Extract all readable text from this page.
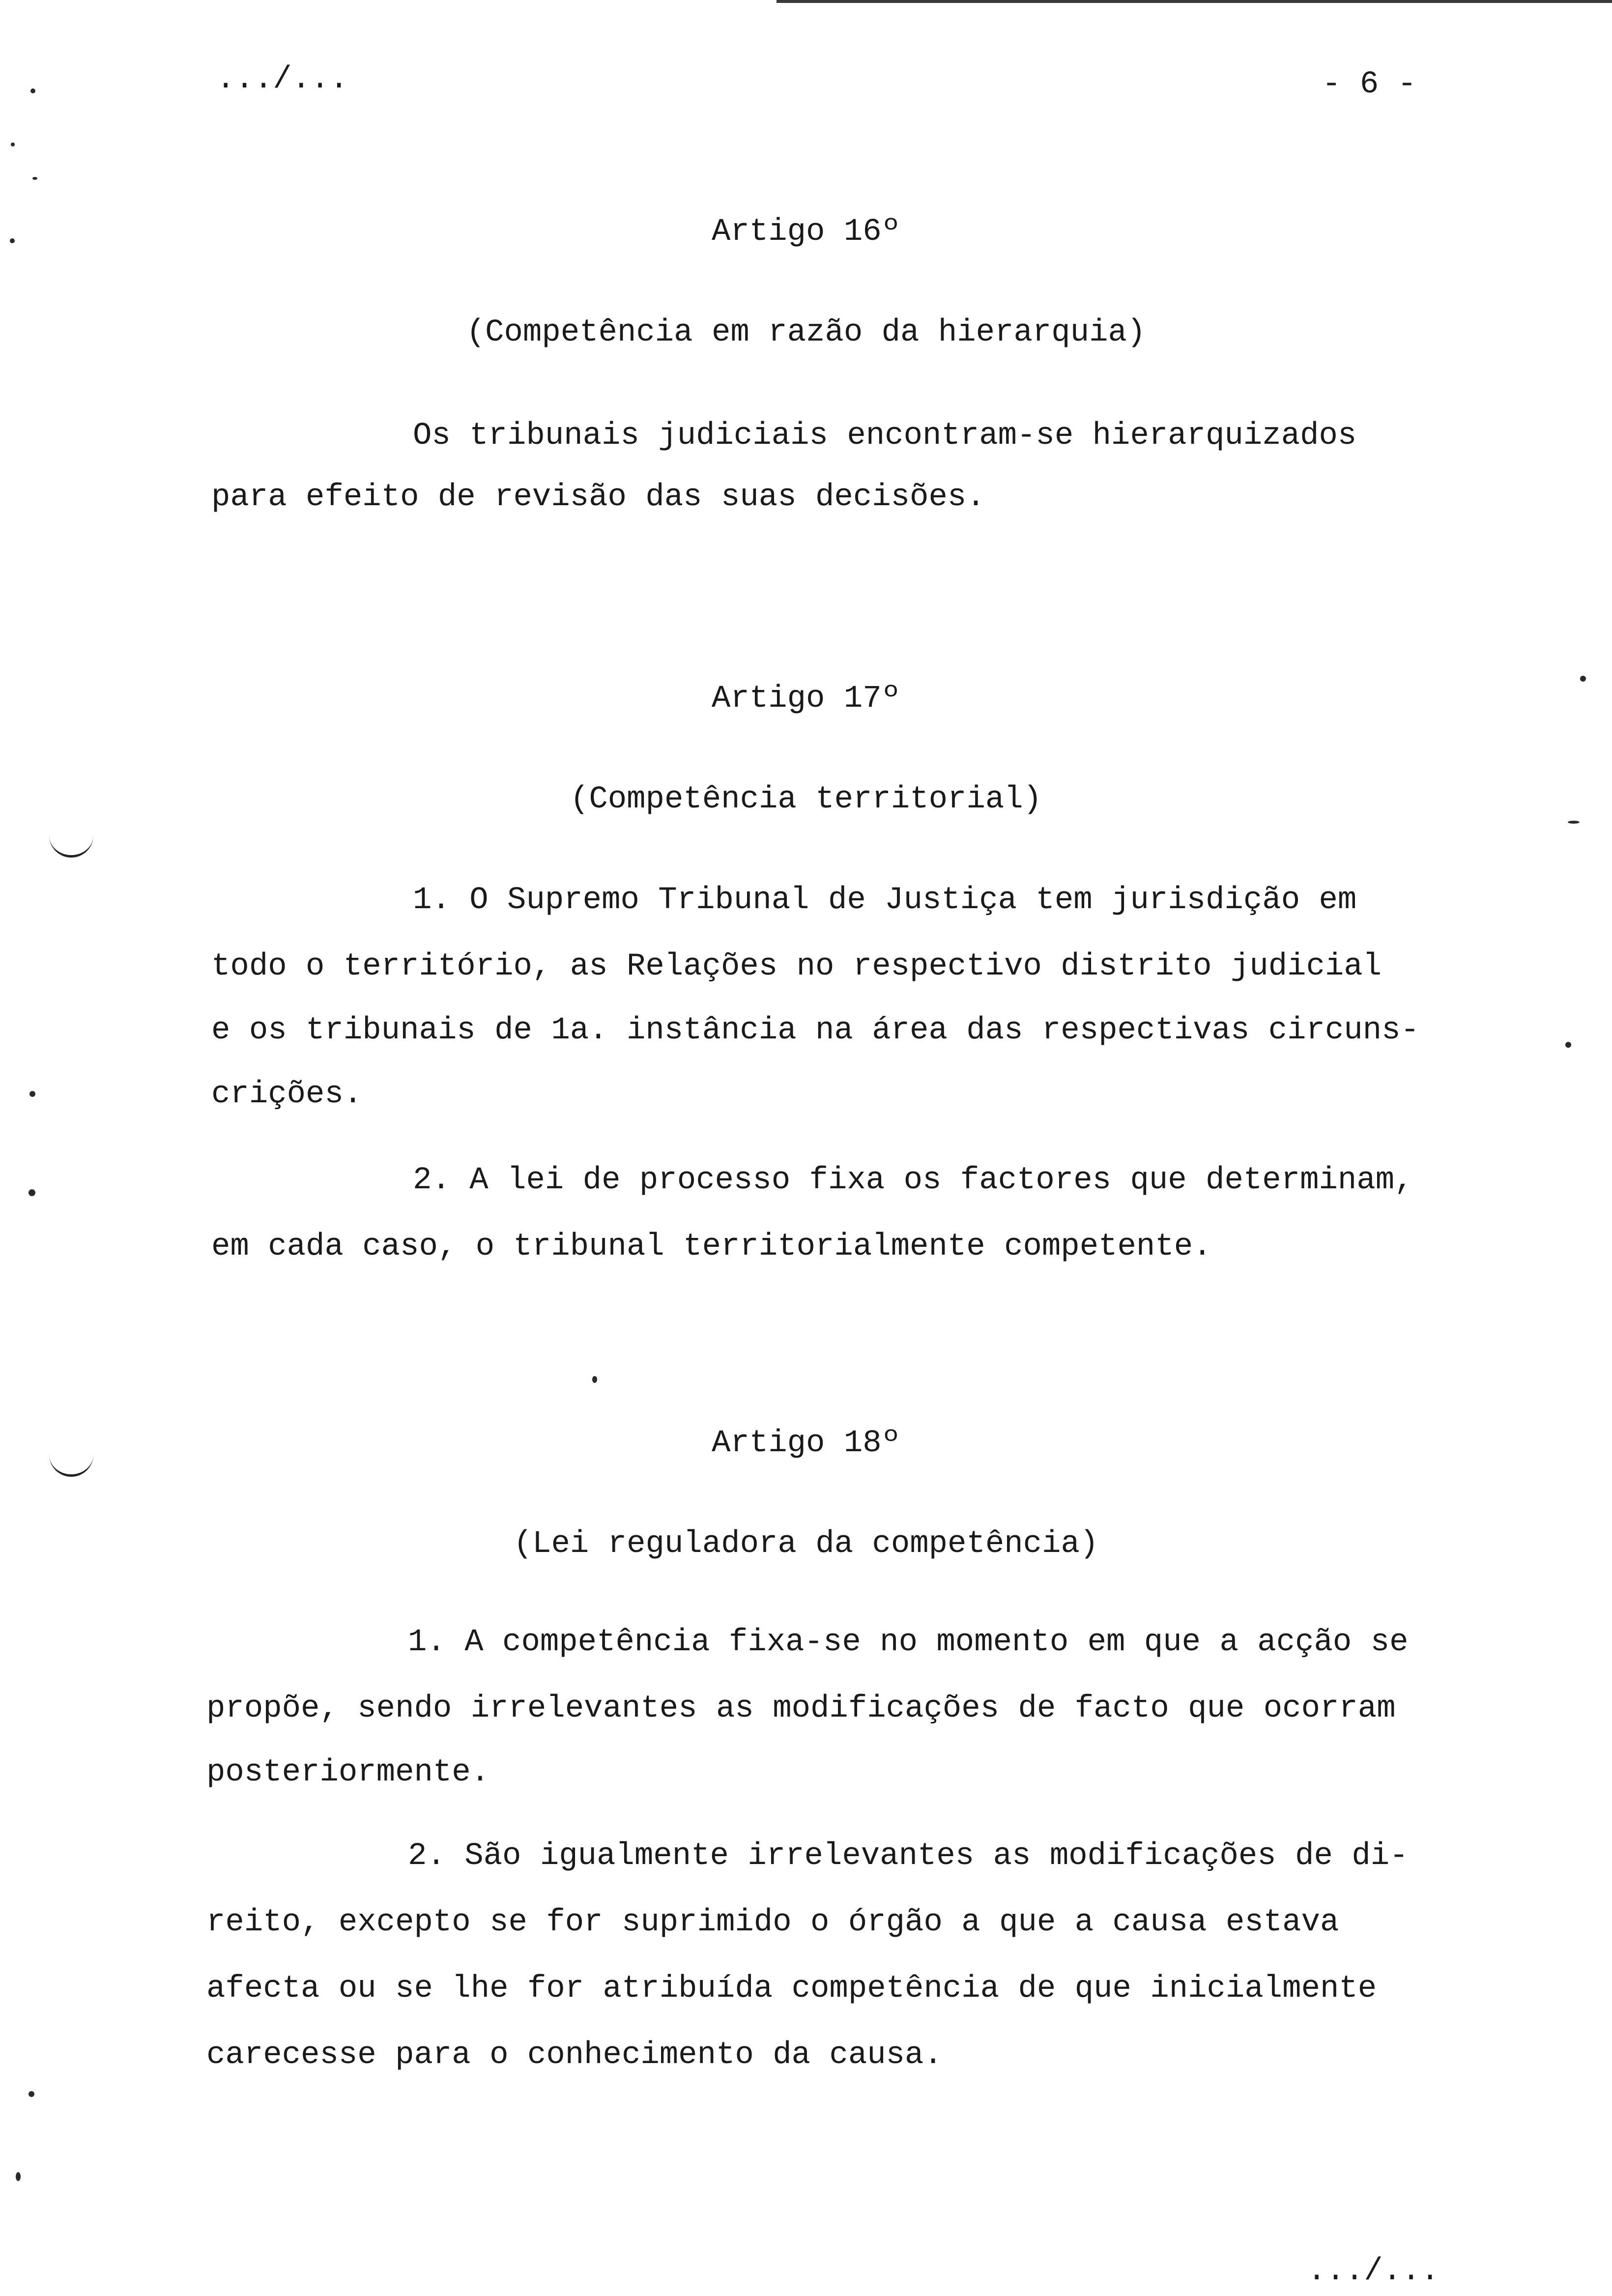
.../...	- 6 -
Artigo 16º
(Competência em razão da hierarquia)
Os tribunais judiciais encontram-se hierarquizados
para efeito de revisão das suas decisões.
Artigo 17º
(Competência territorial)
1. O Supremo Tribunal de Justiça tem jurisdição em
todo o território, as Relações no respectivo distrito judicial
e os tribunais de 1a. instância na área das respectivas circuns-
crições.
2. A lei de processo fixa os factores que determinam,
em cada caso, o tribunal territorialmente competente.
Artigo 18º
(Lei reguladora da competência)
1. A competência fixa-se no momento em que a acção se
propõe, sendo irrelevantes as modificações de facto que ocorram
posteriormente.
2. São igualmente irrelevantes as modificações de di-
reito, excepto se for suprimido o órgão a que a causa estava
afecta ou se lhe for atribuída competência de que inicialmente
carecesse para o conhecimento da causa.
.../...
